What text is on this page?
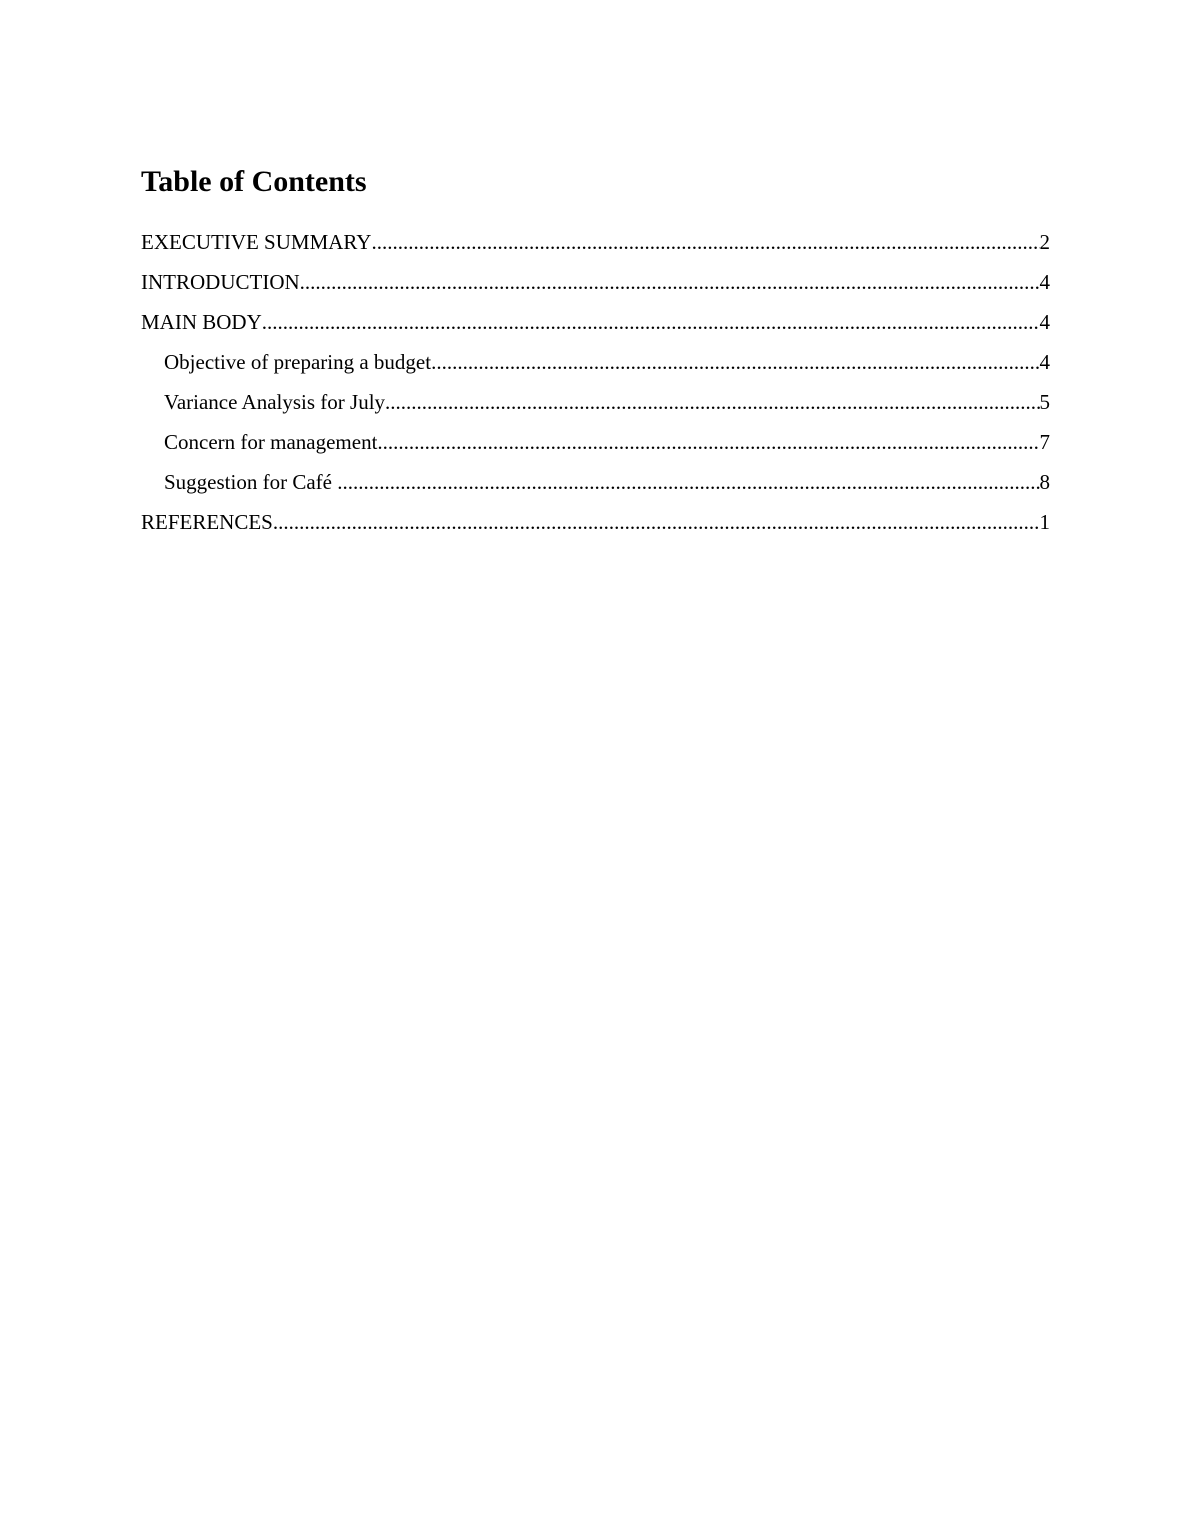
Table of Contents
EXECUTIVE SUMMARY .....	2
INTRODUCTION .....	4
MAIN BODY .....	4
Objective of preparing a budget .....	4
Variance Analysis for July .....	5
Concern for management .....	7
Suggestion for Café .....	8
REFERENCES .....	1
